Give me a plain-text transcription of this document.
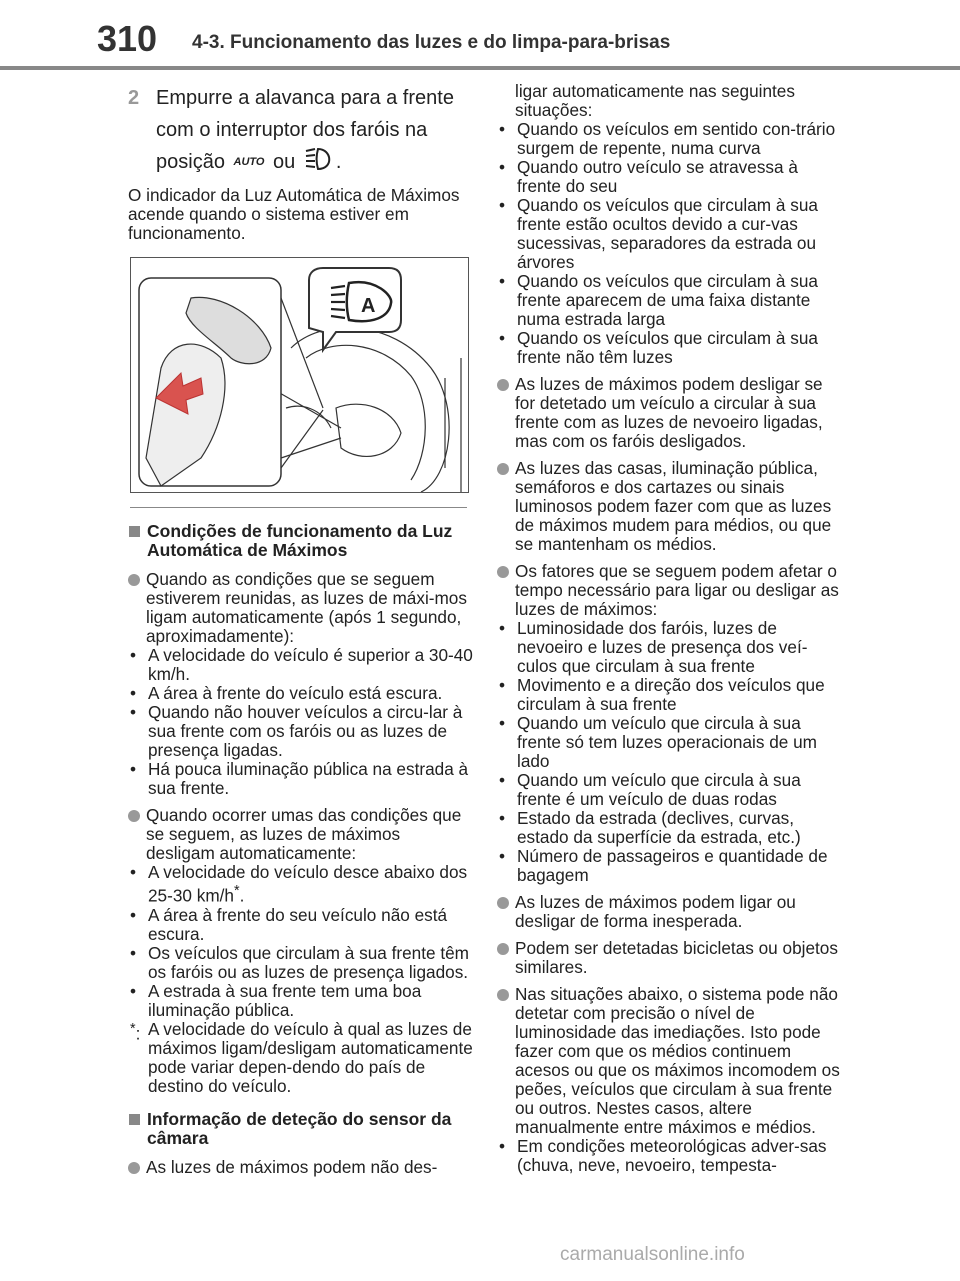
310 4-3. Funcionamento das luzes e do limpa-para-brisas
2 Empurre a alavanca para a frente com o interruptor dos faróis na posição AUTO ou .

O indicador da Luz Automática de Máximos acende quando o sistema estiver em funcionamento.

A
Condições de funcionamento da Luz Automática de Máximos
Quando as condições que se seguem estiverem reunidas, as luzes de máxi-mos ligam automaticamente (após 1 segundo, aproximadamente):
• A velocidade do veículo é superior a 30-40 km/h.
• A área à frente do veículo está escura.
• Quando não houver veículos a circu-lar à sua frente com os faróis ou as luzes de presença ligadas.
• Há pouca iluminação pública na estrada à sua frente.
Quando ocorrer umas das condições que se seguem, as luzes de máximos desligam automaticamente:
• A velocidade do veículo desce abaixo dos 25-30 km/h*.
• A área à frente do seu veículo não está escura.
• Os veículos que circulam à sua frente têm os faróis ou as luzes de presença ligados.
• A estrada à sua frente tem uma boa iluminação pública.
*: A velocidade do veículo à qual as luzes de máximos ligam/desligam automaticamente pode variar depen-dendo do país de destino do veículo.
Informação de deteção do sensor da câmara
As luzes de máximos podem não des-
ligar automaticamente nas seguintes situações:
• Quando os veículos em sentido con-trário surgem de repente, numa curva
• Quando outro veículo se atravessa à frente do seu
• Quando os veículos que circulam à sua frente estão ocultos devido a cur-vas sucessivas, separadores da estrada ou árvores
• Quando os veículos que circulam à sua frente aparecem de uma faixa distante numa estrada larga
• Quando os veículos que circulam à sua frente não têm luzes
As luzes de máximos podem desligar se for detetado um veículo a circular à sua frente com as luzes de nevoeiro ligadas, mas com os faróis desligados.
As luzes das casas, iluminação pública, semáforos e dos cartazes ou sinais luminosos podem fazer com que as luzes de máximos mudem para médios, ou que se mantenham os médios.
Os fatores que se seguem podem afetar o tempo necessário para ligar ou desligar as luzes de máximos:
• Luminosidade dos faróis, luzes de nevoeiro e luzes de presença dos veí-culos que circulam à sua frente
• Movimento e a direção dos veículos que circulam à sua frente
• Quando um veículo que circula à sua frente só tem luzes operacionais de um lado
• Quando um veículo que circula à sua frente é um veículo de duas rodas
• Estado da estrada (declives, curvas, estado da superfície da estrada, etc.)
• Número de passageiros e quantidade de bagagem
As luzes de máximos podem ligar ou desligar de forma inesperada.
Podem ser detetadas bicicletas ou objetos similares.
Nas situações abaixo, o sistema pode não detetar com precisão o nível de luminosidade das imediações. Isto pode fazer com que os médios continuem acesos ou que os máximos incomodem os peões, veículos que circulam à sua frente ou outros. Nestes casos, altere manualmente entre máximos e médios.
• Em condições meteorológicas adver-sas (chuva, neve, nevoeiro, tempesta-
carmanualsonline.info
